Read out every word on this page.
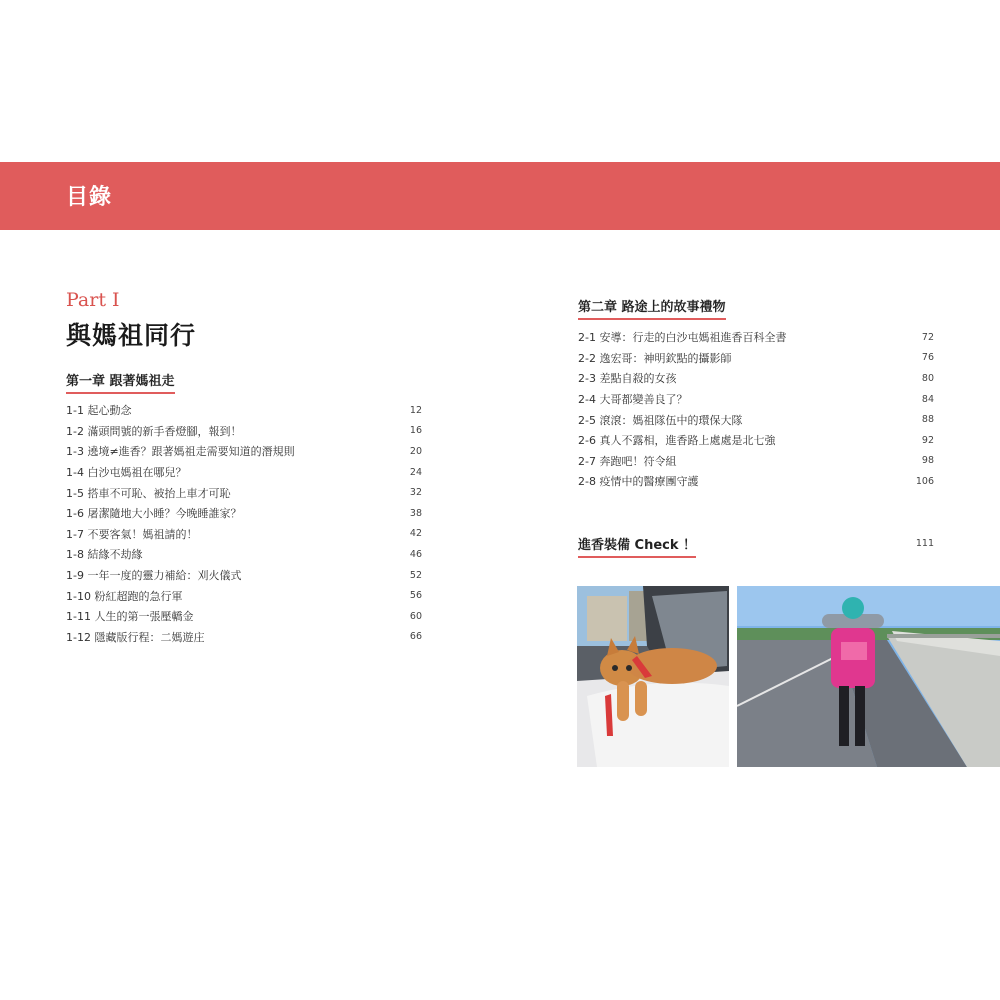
目錄
Part I
與媽祖同行
第一章 跟著媽祖走
1-1 起心動念	12
1-2 滿頭問號的新手香燈腳，報到！	16
1-3 遶境≠進香？跟著媽祖走需要知道的潛規則	20
1-4 白沙屯媽祖在哪兒？	24
1-5 搭車不可恥、被抬上車才可恥	32
1-6 屠潔隨地大小睡？今晚睡誰家？	38
1-7 不要客氣！媽祖請的！	42
1-8 結緣不劫緣	46
1-9 一年一度的靈力補給：刈火儀式	52
1-10 粉紅超跑的急行軍	56
1-11 人生的第一張壓轎金	60
1-12 隱藏版行程：二媽遊庄	66
第二章 路途上的故事禮物
2-1 安導：行走的白沙屯媽祖進香百科全書	72
2-2 逸宏哥：神明欽點的攝影師	76
2-3 差點自殺的女孩	80
2-4 大哥都變善良了？	84
2-5 滾滾：媽祖隊伍中的環保大隊	88
2-6 真人不露相，進香路上處處是北七強	92
2-7 奔跑吧！符令組	98
2-8 疫情中的醫療團守護	106
進香裝備 Check ！	111
